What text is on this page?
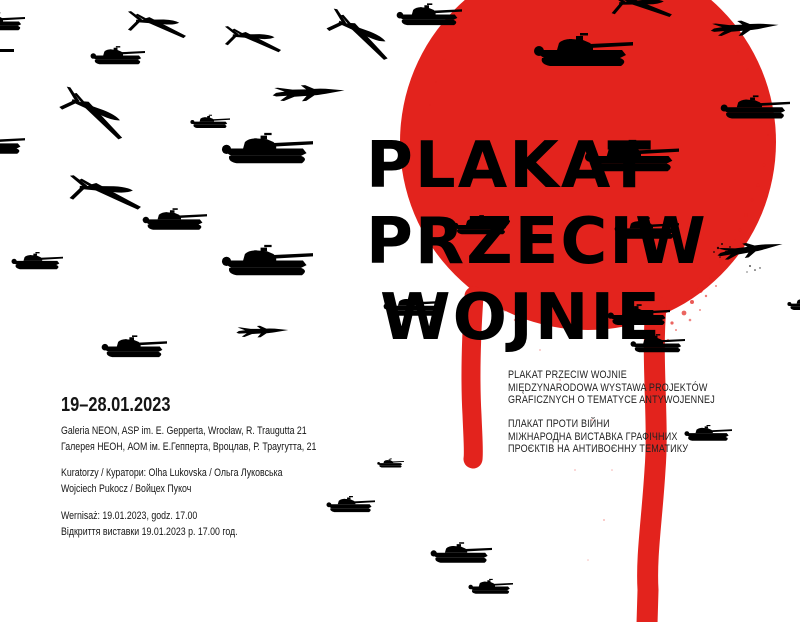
PLAKAT
PRZECIW
WOJNIE
19–28.01.2023
Galeria NEON, ASP im. E. Gepperta, Wrocław, R. Traugutta 21
Галерея НЕОН, АОМ ім. Е.Гепперта, Вроцлав, Р. Траугутта, 21
Kuratorzy / Куратори: Olha Lukovska / Ольга Луковська
Wojciech Pukocz / Войцех Пукоч
Wernisaż: 19.01.2023, godz. 17.00
Відкриття виставки 19.01.2023 р. 17.00 год.
PLAKAT PRZECIW WOJNIE
MIĘDZYNARODOWA WYSTAWA PROJEKTÓW
GRAFICZNYCH O TEMATYCE ANTYWOJENNEJ
ПЛАКАТ ПРОТИ ВІЙНИ
МІЖНАРОДНА ВИСТАВКА ГРАФІЧНИХ
ПРОЄКТІВ НА АНТИВОЄННУ ТЕМАТИКУ
